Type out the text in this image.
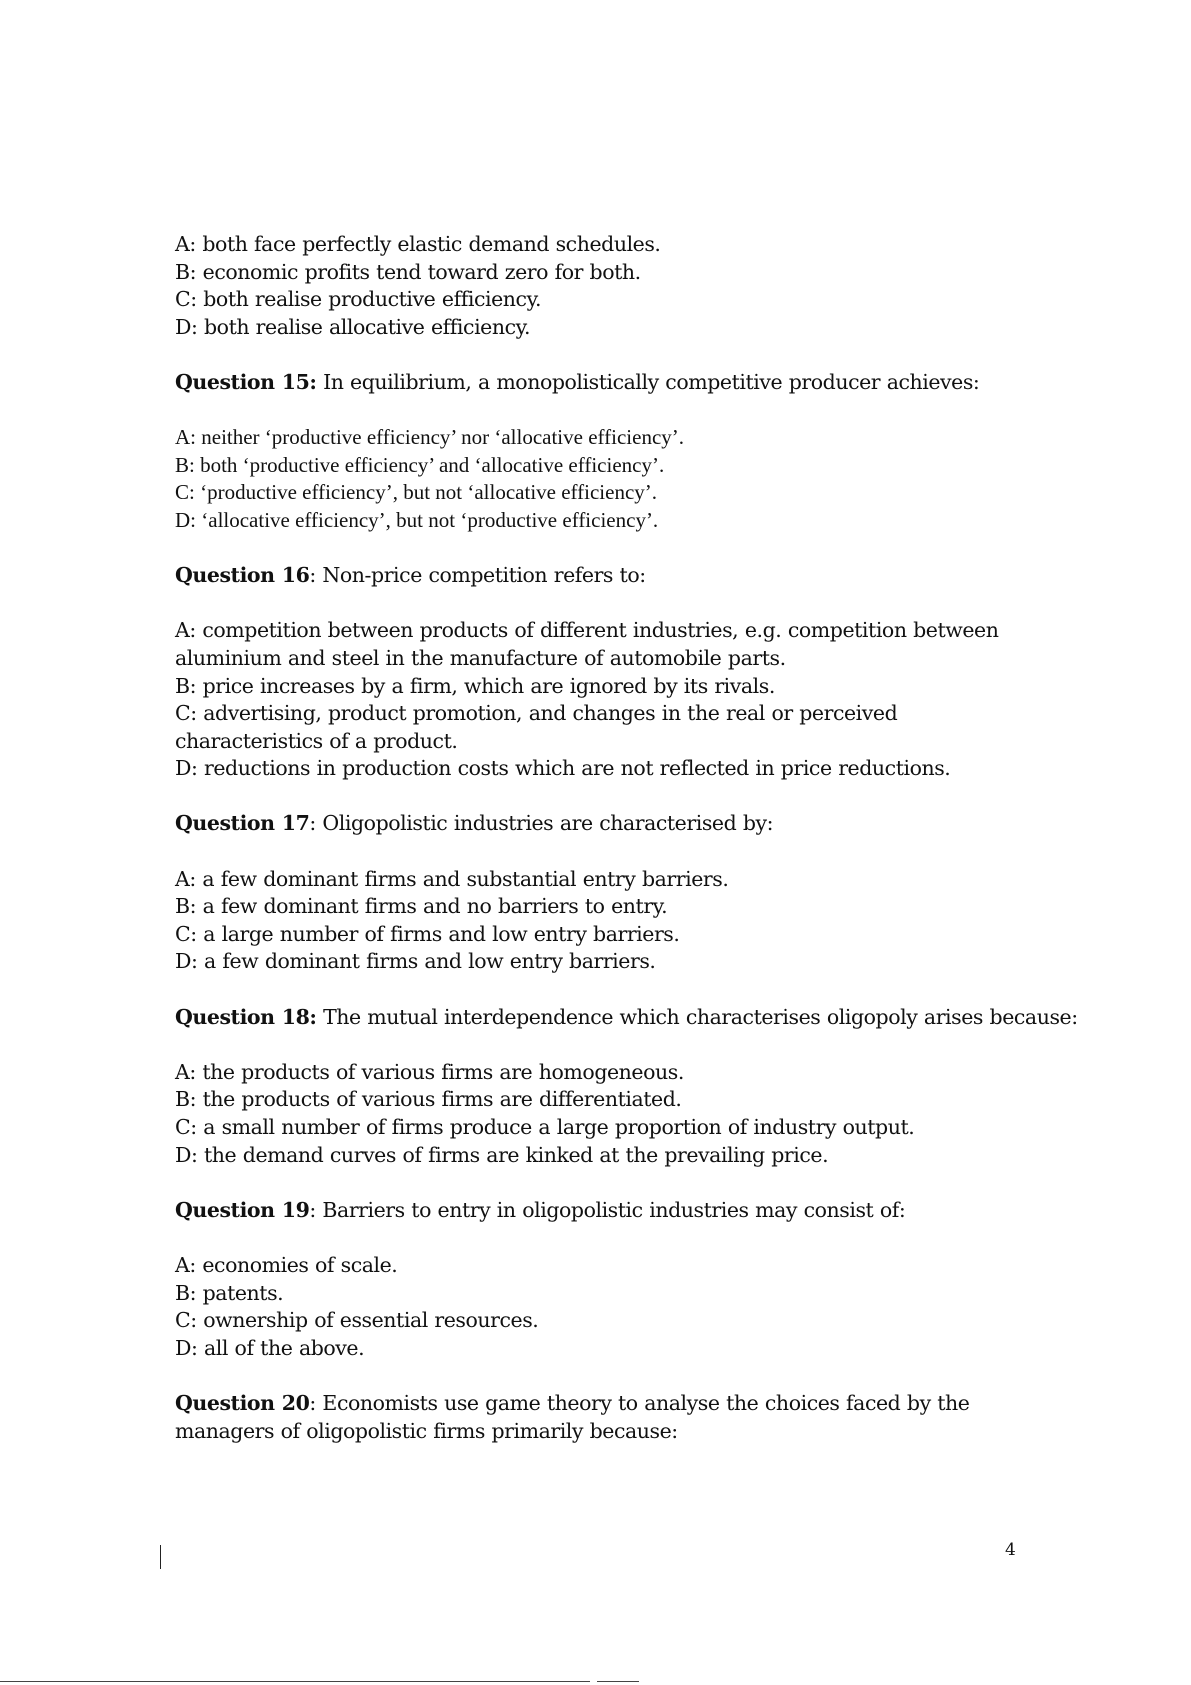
A: both face perfectly elastic demand schedules.

B: economic profits tend toward zero for both.

C: both realise productive efficiency.

D: both realise allocative efficiency.

Question 15: In equilibrium, a monopolistically competitive producer achieves:

A: neither ‘productive efficiency’ nor ‘allocative efficiency’.

B: both ‘productive efficiency’ and ‘allocative efficiency’.

C: ‘productive efficiency’, but not ‘allocative efficiency’.

D: ‘allocative efficiency’, but not ‘productive efficiency’.

Question 16: Non-price competition refers to:

A: competition between products of different industries, e.g. competition between aluminium and steel in the manufacture of automobile parts.

B: price increases by a firm, which are ignored by its rivals.

C: advertising, product promotion, and changes in the real or perceived characteristics of a product.

D: reductions in production costs which are not reflected in price reductions.

Question 17: Oligopolistic industries are characterised by:

A: a few dominant firms and substantial entry barriers.

B: a few dominant firms and no barriers to entry.

C: a large number of firms and low entry barriers.

D: a few dominant firms and low entry barriers.

Question 18: The mutual interdependence which characterises oligopoly arises because:

A: the products of various firms are homogeneous.

B: the products of various firms are differentiated.

C: a small number of firms produce a large proportion of industry output.

D: the demand curves of firms are kinked at the prevailing price.

Question 19: Barriers to entry in oligopolistic industries may consist of:

A: economies of scale.

B: patents.

C: ownership of essential resources.

D: all of the above.

Question 20: Economists use game theory to analyse the choices faced by the managers of oligopolistic firms primarily because:

4
